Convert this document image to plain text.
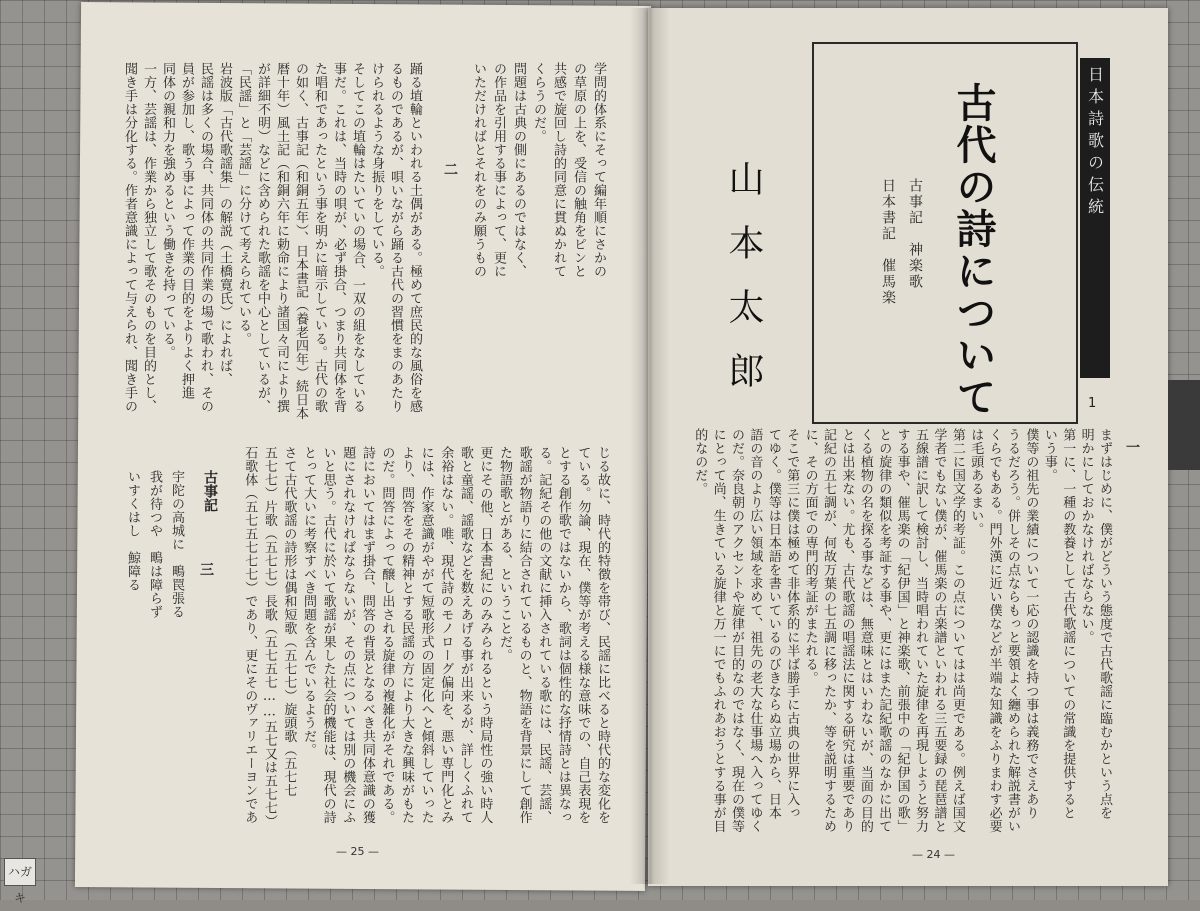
ハガキ
日本詩歌の伝統
1
古代の詩について
古事記　神楽歌
日本書記　催馬楽
山本太郎
一
まずはじめに、僕がどういう態度で古代歌謡に臨むかという点を
明かにしておかなければならない。
第一に、一種の教養として古代歌謡についての常識を提供すると
いう事。
僕等の祖先の業績について一応の認識を持つ事は義務でさえあり
うるだろう。併しその点ならもっと要領よく纏められた解説書がい
くらでもある。門外漢に近い僕などが半端な知識をふりまわす必要
は毛頭あるまい。
第二に国文学的考証。この点についてはは尚更である。例えば国文
学者でもない僕が、催馬楽の古楽譜といわれる三五要録の琵琶譜と
五線譜に訳して検討し、当時唱われていた旋律を再現しようと努力
する事や、催馬楽の「紀伊国」と神楽歌、前張中の「紀伊国の歌」
との旋律の類似を考証する事や、更にはまた記紀歌謡のなかに出て
くる植物の名を探る事などは、無意味とはいわないが、当面の目的
とは出来ない。尤も、古代歌謡の唱謡法に関する研究は重要であり
記紀の五七調が、何故万葉の七五調に移ったか、等を説明するため
に、その方面での専門的考証がまたれる。
そこで第三に僕は極めて非体系的に半ば勝手に古典の世界に入っ
てゆく。僕等は日本語を書いているのびきならぬ立場から、日本
語の音のより広い領域を求めて、祖先の老大な仕事場へ入ってゆく
のだ。奈良朝のアクセントや旋律が目的なのではなく、現在の僕等
にとって尚、生きている旋律と万一にでもふれあおうとする事が目
的なのだ。
— 24 —
学問的体系にそって編年順にさかの
の草原の上を、受信の触角をピンと
共感で旋回し詩的同意に貫ぬかれて
くらうのだ。
問題は古典の側にあるのではなく、
の作品を引用する事によって、更に
いただければとそれをのみ願うもの
二
踊る埴輪といわれる土偶がある。極めて庶民的な風俗を感
るものであるが、唄いながら踊る古代の習慣をまのあたり
けられるような身振りをしている。
そしてこの埴輪はたいていの場合、一双の組をなしている
事だ。これは、当時の唄が、必ず掛合、つまり共同体を背
た唱和であったという事を明かに暗示している。古代の歌
の如く、古事記（和銅五年）、日本書記（養老四年）続日本
暦十年）風土記（和銅六年に勅命により諸国々司により撰
が詳細不明）などに含められた歌謡を中心としているが、
「民謡」と「芸謡」に分けて考えられている。
岩波版「古代歌謡集」の解説（土橋寛氏）によれば、
民謡は多くの場合、共同体の共同作業の場で歌われ、その
員が参加し、歌う事によって作業の目的をよりよく押進
同体の親和力を強めるという働きを持っている。
一方、芸謡は、作業から独立して歌そのものを目的とし、
聞き手は分化する。作者意識によって与えられ、聞き手の
じる故に、時代的特徴を帯び、民謡に比べると時代的な変化を
ている。勿論、現在、僕等が考える様な意味での、自己表現を
とする創作歌ではないから、歌詞は個性的な抒情詩とは異なっ
る。記紀その他の文献に挿入されている歌には、民謡、芸謡、
歌謡が物語りに結合されているものと、物語を背景にして創作
た物語歌とがある、ということだ。
更にその他、日本書紀にのみみられるという時局性の強い時人
歌と童謡、謡歌などを数えあげる事が出来るが、詳しくふれて
余裕はない。唯、現代詩のモノローグ偏向を、悪い専門化とみ
には、作家意識がやがて短歌形式の固定化へと傾斜していった
より、問答をその精神とする民謡の方により大きな興味がもた
のだ。問答によって醸し出される旋律の複雑化がそれである。
詩においてはまず掛合、問答の背景となるべき共同体意識の獲
題にされなければならないが、その点については別の機会にふ
いと思う。古代に於いて歌謡が果した社会的機能は、現代の詩
とって大いに考察すべき問題を含んでいるようだ。
さて古代歌謡の詩形は偶和短歌（五七七）旋頭歌（五七七
五七七）片歌（五七七）長歌（五七五七……五七又は五七七）
石歌体（五七五七七七）であり、更にそのヴァリエーヨンであ
古事記
三
宇陀の高城に　鴫罠張る
我が待つや　鴫は障らず
いすくはし　鯨障る
— 25 —
